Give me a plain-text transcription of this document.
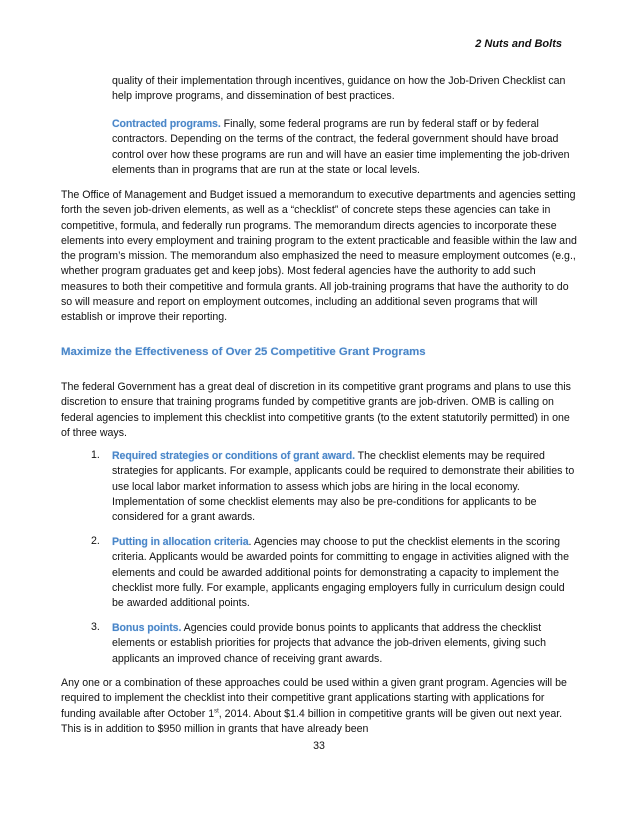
2 Nuts and Bolts

quality of their implementation through incentives, guidance on how the Job-Driven Checklist can help improve programs, and dissemination of best practices.

Contracted programs. Finally, some federal programs are run by federal staff or by federal contractors. Depending on the terms of the contract, the federal government should have broad control over how these programs are run and will have an easier time implementing the job-driven elements than in programs that are run at the state or local levels.

The Office of Management and Budget issued a memorandum to executive departments and agencies setting forth the seven job-driven elements, as well as a “checklist” of concrete steps these agencies can take in competitive, formula, and federally run programs. The memorandum directs agencies to incorporate these elements into every employment and training program to the extent practicable and feasible within the law and the program’s mission. The memorandum also emphasized the need to measure employment outcomes (e.g., whether program graduates get and keep jobs). Most federal agencies have the authority to add such measures to both their competitive and formula grants. All job-training programs that have the authority to do so will measure and report on employment outcomes, including an additional seven programs that will establish or improve their reporting.

Maximize the Effectiveness of Over 25 Competitive Grant Programs

The federal Government has a great deal of discretion in its competitive grant programs and plans to use this discretion to ensure that training programs funded by competitive grants are job-driven. OMB is calling on federal agencies to implement this checklist into competitive grants (to the extent statutorily permitted) in one of three ways.

1. Required strategies or conditions of grant award. The checklist elements may be required strategies for applicants. For example, applicants could be required to demonstrate their abilities to use local labor market information to assess which jobs are hiring in the local economy. Implementation of some checklist elements may also be pre-conditions for applicants to be considered for a grant awards.

2. Putting in allocation criteria. Agencies may choose to put the checklist elements in the scoring criteria. Applicants would be awarded points for committing to engage in activities aligned with the elements and could be awarded additional points for demonstrating a capacity to implement the checklist more fully. For example, applicants engaging employers fully in curriculum design could be awarded additional points.

3. Bonus points. Agencies could provide bonus points to applicants that address the checklist elements or establish priorities for projects that advance the job-driven elements, giving such applicants an improved chance of receiving grant awards.

Any one or a combination of these approaches could be used within a given grant program. Agencies will be required to implement the checklist into their competitive grant applications starting with applications for funding available after October 1st, 2014. About $1.4 billion in competitive grants will be given out next year. This is in addition to $950 million in grants that have already been

33
